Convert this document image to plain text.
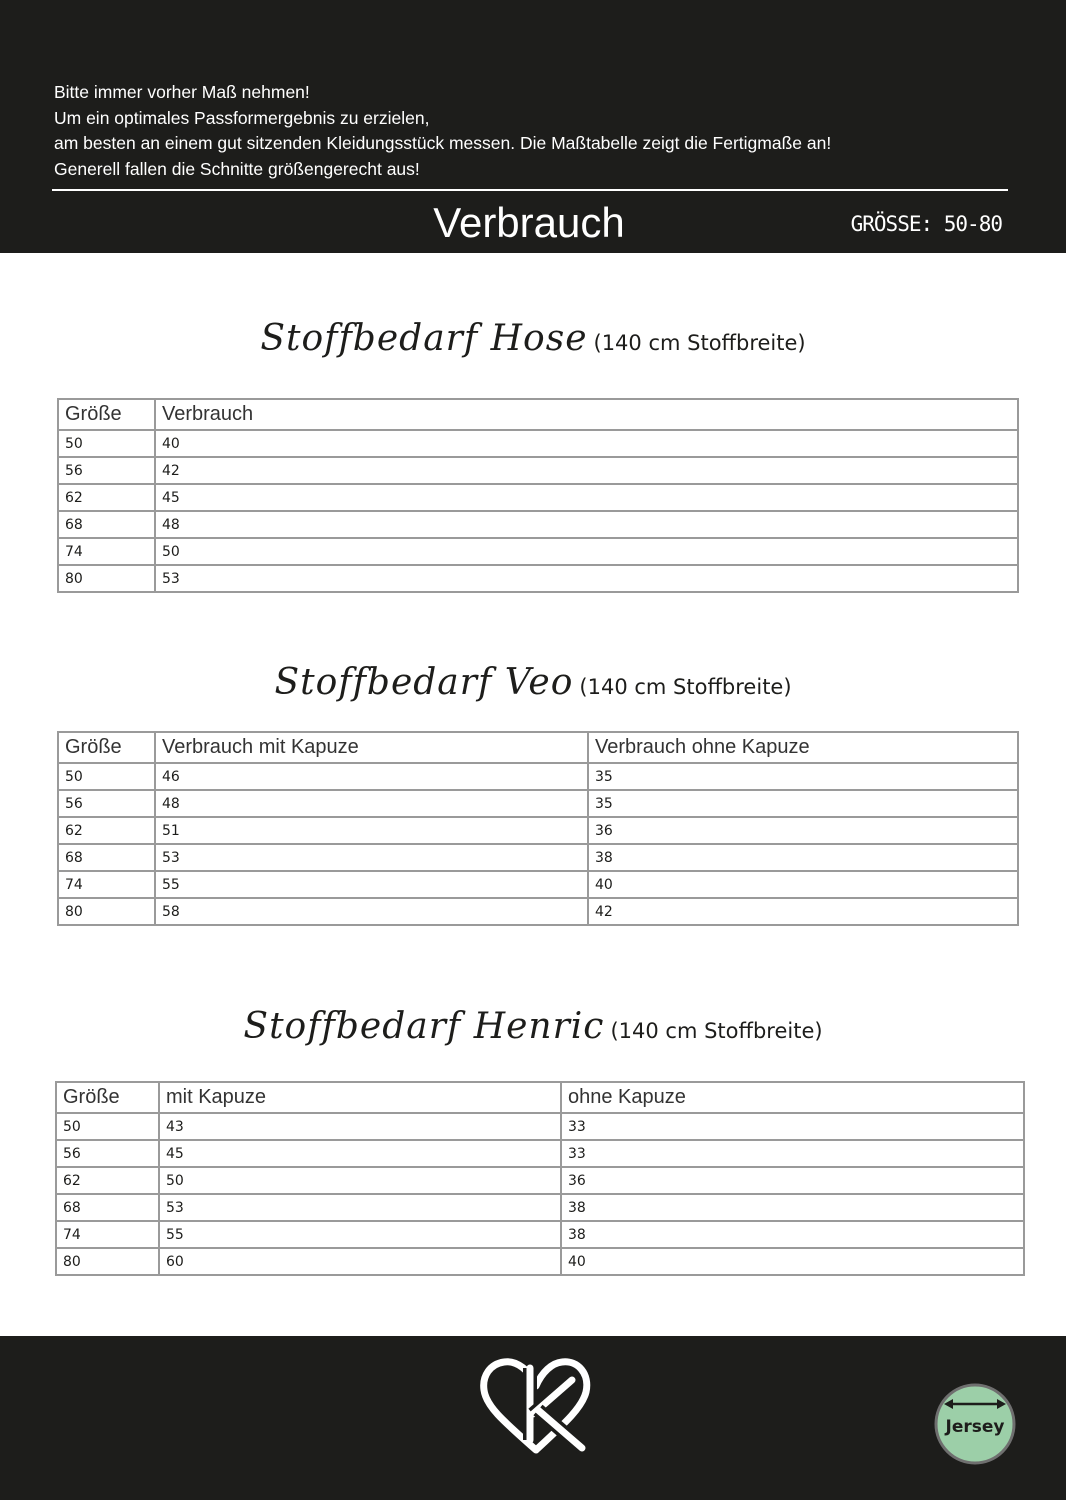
Bitte immer vorher Maß nehmen!

Um ein optimales Passformergebnis zu erzielen,

am besten an einem gut sitzenden Kleidungsstück messen. Die Maßtabelle zeigt die Fertigmaße an!

Generell fallen die Schnitte größengerecht aus!

Verbrauch	GRÖSSE: 50-80
Stoffbedarf Hose (140 cm Stoffbreite)
Größe	Verbrauch
50	40
56	42
62	45
68	48
74	50
80	53
Stoffbedarf Veo (140 cm Stoffbreite)
Größe	Verbrauch mit Kapuze	Verbrauch ohne Kapuze
50	46	35
56	48	35
62	51	36
68	53	38
74	55	40
80	58	42
Stoffbedarf Henric (140 cm Stoffbreite)
Größe	mit Kapuze	ohne Kapuze
50	43	33
56	45	33
62	50	36
68	53	38
74	55	38
80	60	40
Jersey
